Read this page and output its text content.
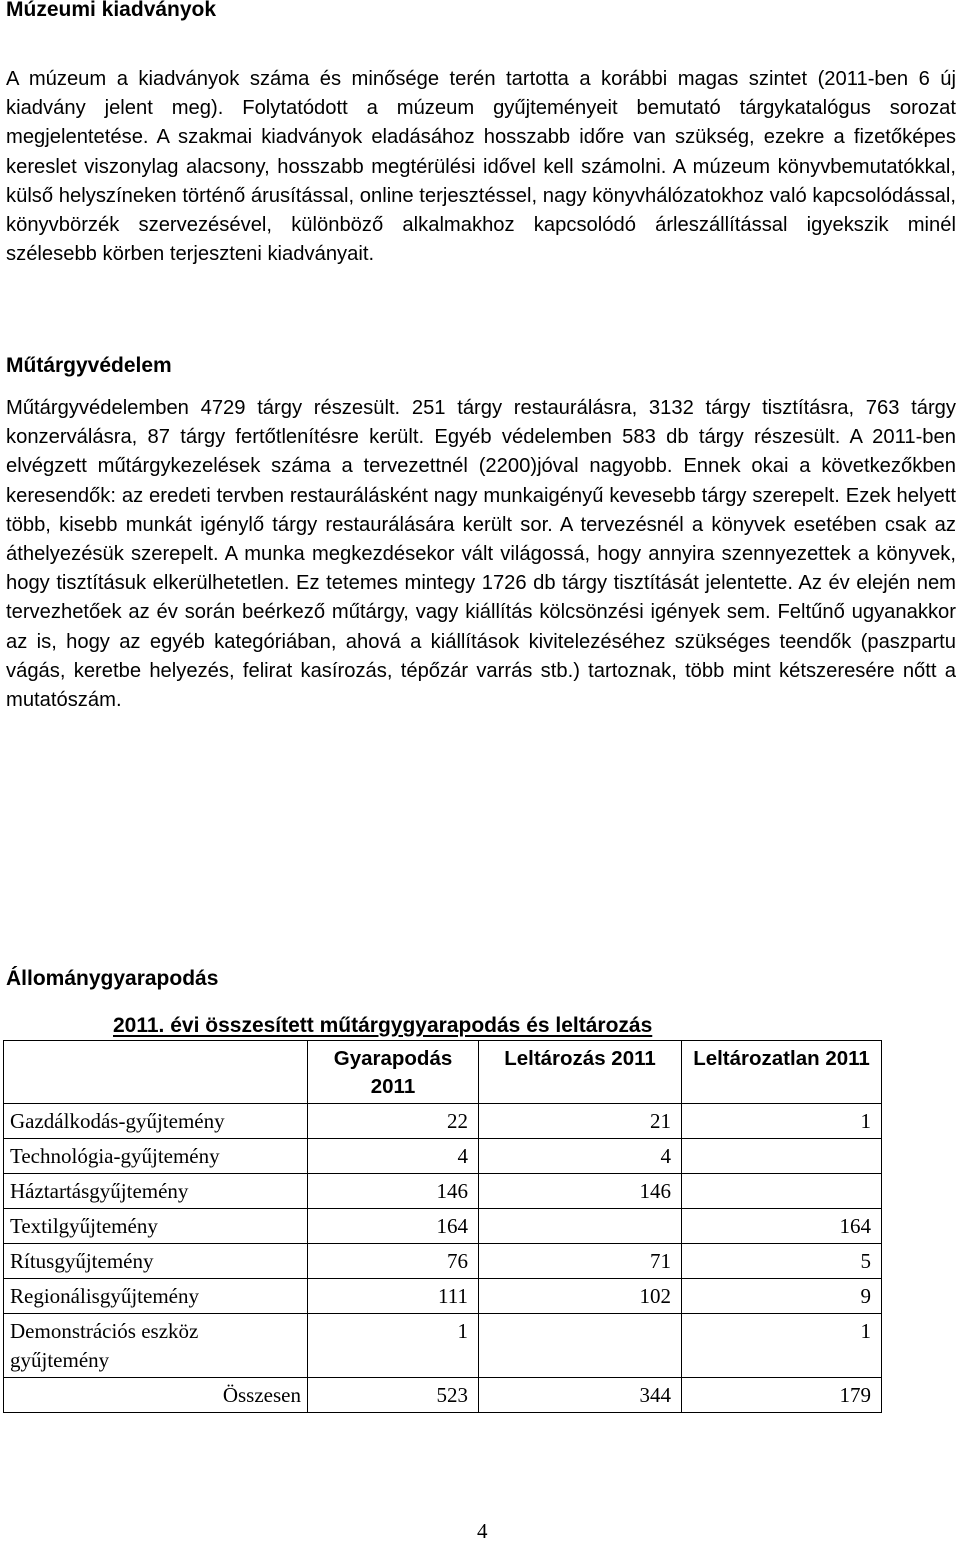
Múzeumi kiadványok

A múzeum a kiadványok száma és minősége terén tartotta a korábbi magas szintet (2011-ben 6 új kiadvány jelent meg). Folytatódott a múzeum gyűjteményeit bemutató tárgykatalógus sorozat megjelentetése. A szakmai kiadványok eladásához hosszabb időre van szükség, ezekre a fizetőképes kereslet viszonylag alacsony, hosszabb megtérülési idővel kell számolni. A múzeum könyvbemutatókkal, külső helyszíneken történő árusítással, online terjesztéssel, nagy könyvhálózatokhoz való kapcsolódással, könyvbörzék szervezésével, különböző alkalmakhoz kapcsolódó árleszállítással igyekszik minél szélesebb körben terjeszteni kiadványait.

Műtárgyvédelem

Műtárgyvédelemben 4729 tárgy részesült. 251 tárgy restaurálásra, 3132 tárgy tisztításra, 763 tárgy konzerválásra, 87 tárgy fertőtlenítésre került. Egyéb védelemben 583 db tárgy részesült. A 2011-ben elvégzett műtárgykezelések száma a tervezettnél (2200)jóval nagyobb. Ennek okai a következőkben keresendők: az eredeti tervben restaurálásként nagy munkaigényű kevesebb tárgy szerepelt. Ezek helyett több, kisebb munkát igénylő tárgy restaurálására került sor. A tervezésnél a könyvek esetében csak az áthelyezésük szerepelt. A munka megkezdésekor vált világossá, hogy annyira szennyezettek a könyvek, hogy tisztításuk elkerülhetetlen. Ez tetemes mintegy 1726 db tárgy tisztítását jelentette. Az év elején nem tervezhetőek az év során beérkező műtárgy, vagy kiállítás kölcsönzési igények sem. Feltűnő ugyanakkor az is, hogy az egyéb kategóriában, ahová a kiállítások kivitelezéséhez szükséges teendők (paszpartu vágás, keretbe helyezés, felirat kasírozás, tépőzár varrás stb.) tartoznak, több mint kétszeresére nőtt a mutatószám.

Állománygyarapodás

2011. évi összesített műtárgygyarapodás és leltározás

	Gyarapodás 2011	Leltározás 2011	Leltározatlan 2011
Gazdálkodás-gyűjtemény	22	21	1
Technológia-gyűjtemény	4	4	
Háztartásgyűjtemény	146	146	
Textilgyűjtemény	164		164
Rítusgyűjtemény	76	71	5
Regionálisgyűjtemény	111	102	9
Demonstrációs eszköz gyűjtemény	1		1
Összesen	523	344	179
4
